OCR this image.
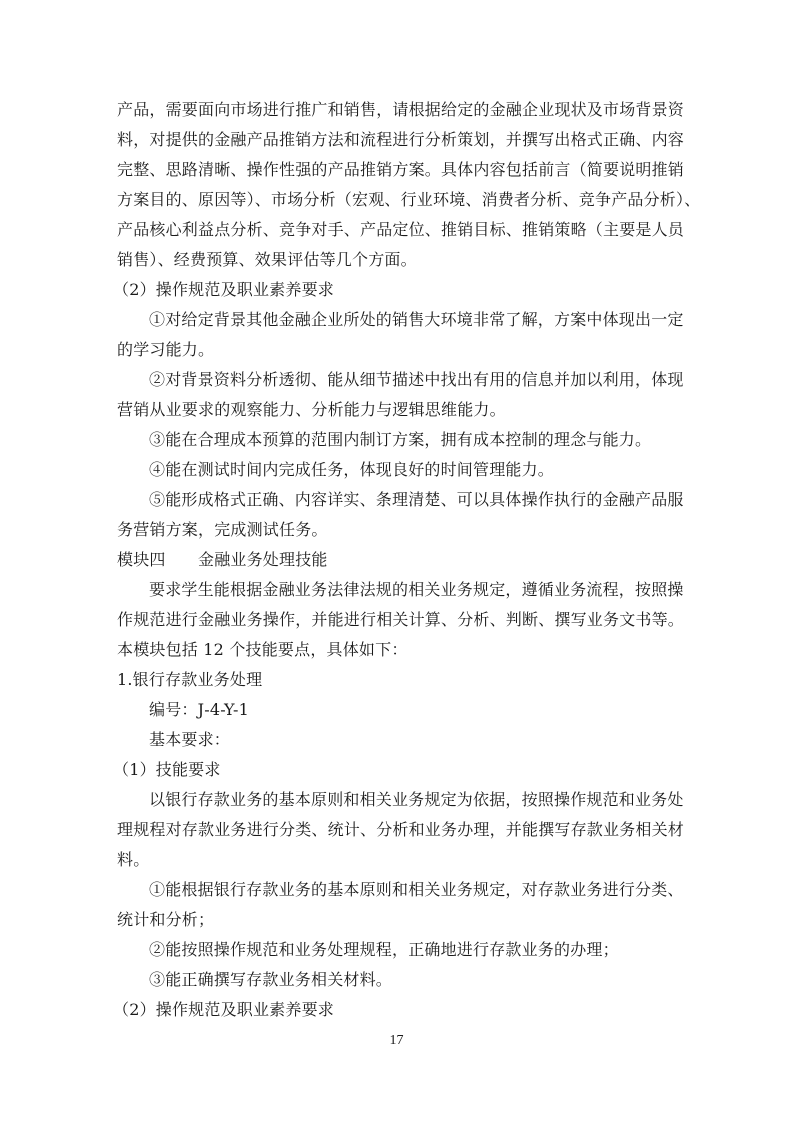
产品，需要面向市场进行推广和销售，请根据给定的金融企业现状及市场背景资
料，对提供的金融产品推销方法和流程进行分析策划，并撰写出格式正确、内容
完整、思路清晰、操作性强的产品推销方案。具体内容包括前言（简要说明推销
方案目的、原因等）、市场分析（宏观、行业环境、消费者分析、竞争产品分析）、
产品核心利益点分析、竞争对手、产品定位、推销目标、推销策略（主要是人员
销售）、经费预算、效果评估等几个方面。
（2）操作规范及职业素养要求
①对给定背景其他金融企业所处的销售大环境非常了解，方案中体现出一定
的学习能力。
②对背景资料分析透彻、能从细节描述中找出有用的信息并加以利用，体现
营销从业要求的观察能力、分析能力与逻辑思维能力。
③能在合理成本预算的范围内制订方案，拥有成本控制的理念与能力。
④能在测试时间内完成任务，体现良好的时间管理能力。
⑤能形成格式正确、内容详实、条理清楚、可以具体操作执行的金融产品服
务营销方案，完成测试任务。
模块四　　金融业务处理技能
要求学生能根据金融业务法律法规的相关业务规定，遵循业务流程，按照操
作规范进行金融业务操作，并能进行相关计算、分析、判断、撰写业务文书等。
本模块包括 12 个技能要点，具体如下：
1.银行存款业务处理
编号：J-4-Y-1
基本要求：
（1）技能要求
以银行存款业务的基本原则和相关业务规定为依据，按照操作规范和业务处
理规程对存款业务进行分类、统计、分析和业务办理，并能撰写存款业务相关材
料。
①能根据银行存款业务的基本原则和相关业务规定，对存款业务进行分类、
统计和分析；
②能按照操作规范和业务处理规程，正确地进行存款业务的办理；
③能正确撰写存款业务相关材料。
（2）操作规范及职业素养要求
17
